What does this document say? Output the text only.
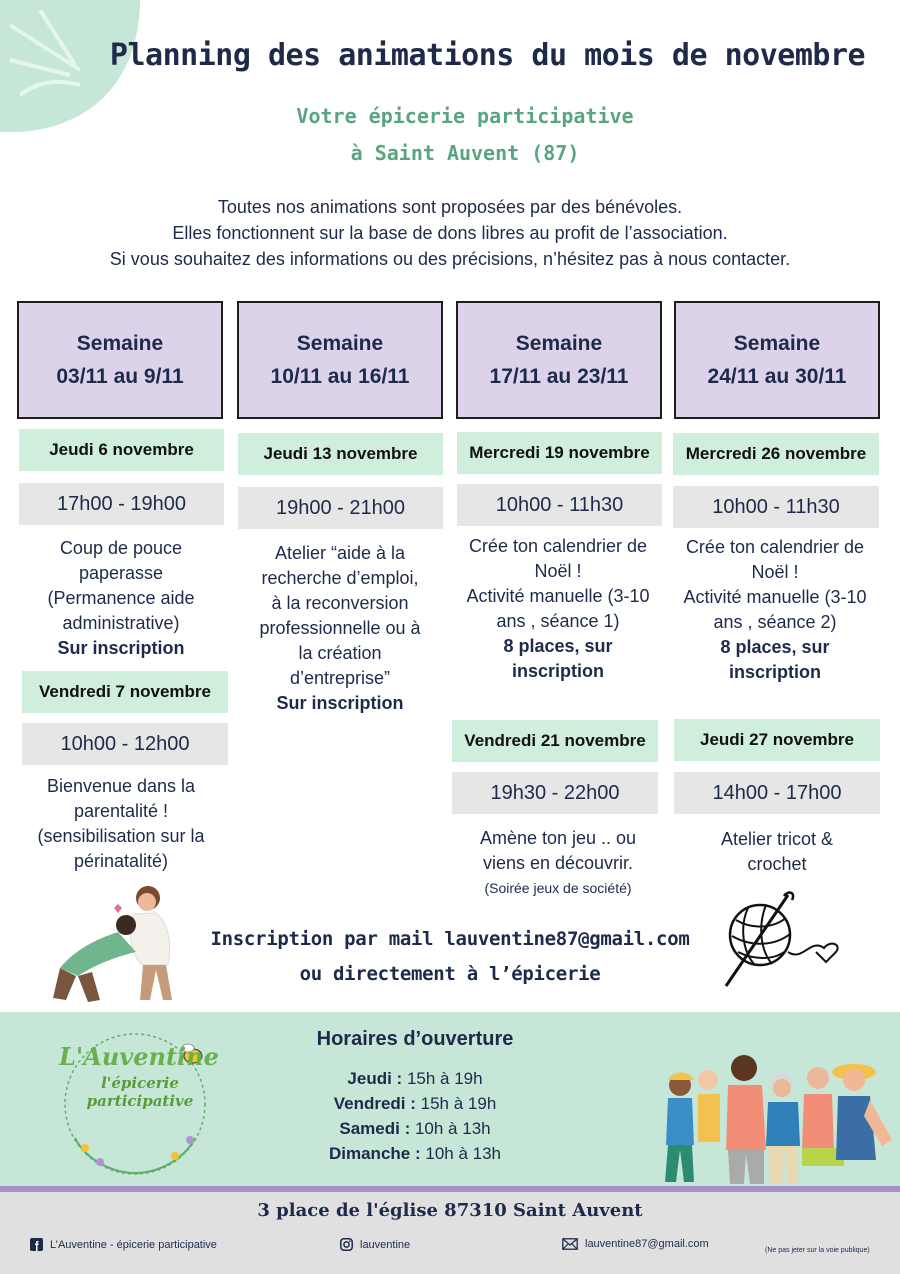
Planning des animations du mois de novembre
Votre épicerie participative
à Saint Auvent (87)
Toutes nos animations sont proposées par des bénévoles.
Elles fonctionnent sur la base de dons libres au profit de l’association.
Si vous souhaitez des informations ou des précisions, n’hésitez pas à nous contacter.
Semaine
03/11 au 9/11
Semaine
10/11 au 16/11
Semaine
17/11 au 23/11
Semaine
24/11 au 30/11
Jeudi 6 novembre
17h00 - 19h00
Coup de pouce
paperasse
(Permanence aide
administrative)
Sur inscription
Vendredi 7 novembre
10h00 - 12h00
Bienvenue dans la
parentalité !
(sensibilisation sur la
périnatalité)
Jeudi 13 novembre
19h00 - 21h00
Atelier “aide à la
recherche d’emploi,
à la reconversion
professionnelle ou à
la création
d’entreprise”
Sur inscription
Mercredi 19 novembre
10h00 - 11h30
Crée ton calendrier de
Noël !
Activité manuelle (3-10
ans , séance 1)
8 places, sur
inscription
Vendredi 21 novembre
19h30 - 22h00
Amène ton jeu .. ou
viens en découvrir.
(Soirée jeux de société)
Mercredi 26 novembre
10h00 - 11h30
Crée ton calendrier de
Noël !
Activité manuelle (3-10
ans , séance 2)
8 places, sur
inscription
Jeudi 27 novembre
14h00 - 17h00
Atelier tricot &
crochet
Inscription par mail lauventine87@gmail.com
ou directement à l’épicerie
L'Auventine
l'épicerie
participative
Horaires d’ouverture
Jeudi : 15h à 19h
Vendredi : 15h à 19h
Samedi : 10h à 13h
Dimanche : 10h à 13h
3 place de l'église 87310 Saint Auvent
L’Auventine - épicerie participative	lauventine	lauventine87@gmail.com
(Ne pas jeter sur la voie publique)
